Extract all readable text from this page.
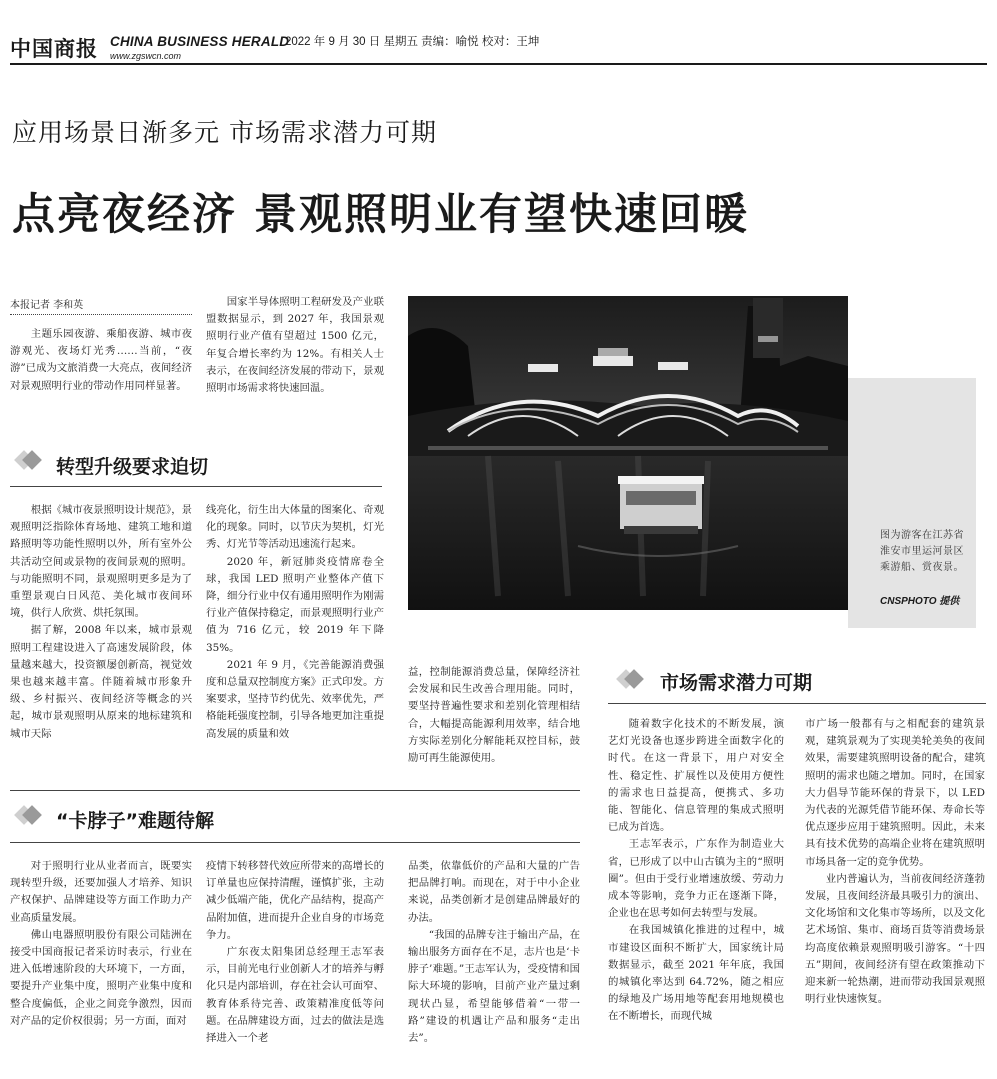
中国商报 CHINA BUSINESS HERALD
www.zgswcn.com
2022 年 9 月 30 日 星期五 责编：喻悦 校对：王坤
应用场景日渐多元 市场需求潜力可期
点亮夜经济 景观照明业有望快速回暖
本报记者 李和英
主题乐园夜游、乘船夜游、城市夜游观光、夜场灯光秀……当前，“夜游”已成为文旅消费一大亮点，夜间经济对景观照明行业的带动作用同样显著。
国家半导体照明工程研发及产业联盟数据显示，到 2027 年，我国景观照明行业产值有望超过 1500 亿元，年复合增长率约为 12%。有相关人士表示，在夜间经济发展的带动下，景观照明市场需求将快速回温。
转型升级要求迫切

根据《城市夜景照明设计规范》，景观照明泛指除体育场地、建筑工地和道路照明等功能性照明以外，所有室外公共活动空间或景物的夜间景观的照明。与功能照明不同，景观照明更多是为了重塑景观白日风范、美化城市夜间环境，供行人欣赏、烘托氛围。

据了解，2008 年以来，城市景观照明工程建设进入了高速发展阶段，体量越来越大，投资额屡创新高，视觉效果也越来越丰富。伴随着城市形象升级、乡村振兴、夜间经济等概念的兴起，城市景观照明从原来的地标建筑和城市天际

线亮化，衍生出大体量的图案化、奇观化的现象。同时，以节庆为契机，灯光秀、灯光节等活动迅速流行起来。

2020 年，新冠肺炎疫情席卷全球，我国 LED 照明产业整体产值下降，细分行业中仅有通用照明作为刚需行业产值保持稳定，而景观照明行业产值为 716 亿元，较 2019 年下降 35%。

2021 年 9 月，《完善能源消费强度和总量双控制度方案》正式印发。方案要求，坚持节约优先、效率优先，严格能耗强度控制，引导各地更加注重提高发展的质量和效

益，控制能源消费总量，保障经济社会发展和民生改善合理用能。同时，要坚持普遍性要求和差别化管理相结合，大幅提高能源利用效率，结合地方实际差别化分解能耗双控目标，鼓励可再生能源使用。

图为游客在江苏省淮安市里运河景区乘游船、赏夜景。
CNSPHOTO 提供
市场需求潜力可期

随着数字化技术的不断发展，演艺灯光设备也逐步跨进全面数字化的时代。在这一背景下，用户对安全性、稳定性、扩展性以及使用方便性的需求也日益提高，便携式、多功能、智能化、信息管理的集成式照明已成为首选。

王志军表示，广东作为制造业大省，已形成了以中山古镇为主的“照明圈”。但由于受行业增速放缓、劳动力成本等影响，竞争力正在逐渐下降，企业也在思考如何去转型与发展。

在我国城镇化推进的过程中，城市建设区面积不断扩大，国家统计局数据显示，截至 2021 年年底，我国的城镇化率达到 64.72%，随之相应的绿地及广场用地等配套用地规模也在不断增长，而现代城

市广场一般都有与之相配套的建筑景观，建筑景观为了实现美轮美奂的夜间效果，需要建筑照明设备的配合，建筑照明的需求也随之增加。同时，在国家大力倡导节能环保的背景下，以 LED 为代表的光源凭借节能环保、寿命长等优点逐步应用于建筑照明。因此，未来具有技术优势的高端企业将在建筑照明市场具备一定的竞争优势。

业内普遍认为，当前夜间经济蓬勃发展，且夜间经济最具吸引力的演出、文化场馆和文化集市等场所，以及文化艺术场馆、集市、商场百货等消费场景均高度依赖景观照明吸引游客。“十四五”期间，夜间经济有望在政策推动下迎来新一轮热潮，进而带动我国景观照明行业快速恢复。

“卡脖子”难题待解

对于照明行业从业者而言，既要实现转型升级，还要加强人才培养、知识产权保护、品牌建设等方面工作助力产业高质量发展。

佛山电器照明股份有限公司陆洲在接受中国商报记者采访时表示，行业在进入低增速阶段的大环境下，一方面，要提升产业集中度，照明产业集中度和整合度偏低，企业之间竞争激烈，因而对产品的定价权很弱；另一方面，面对

疫情下转移替代效应所带来的高增长的订单量也应保持清醒，谨慎扩张，主动减少低端产能，优化产品结构，提高产品附加值，进而提升企业自身的市场竞争力。

广东夜太阳集团总经理王志军表示，目前光电行业创新人才的培养与孵化只是内部培训，存在社会认可面窄、教育体系待完善、政策精准度低等问题。在品牌建设方面，过去的做法是选择进入一个老

品类，依靠低价的产品和大量的广告把品牌打响。而现在，对于中小企业来说，品类创新才是创建品牌最好的办法。

“我国的品牌专注于输出产品，在输出服务方面存在不足，志片也是‘卡脖子’难题。”王志军认为，受疫情和国际大环境的影响，目前产业产量过剩现状凸显，希望能够借着“一带一路”建设的机遇让产品和服务“走出去”。
